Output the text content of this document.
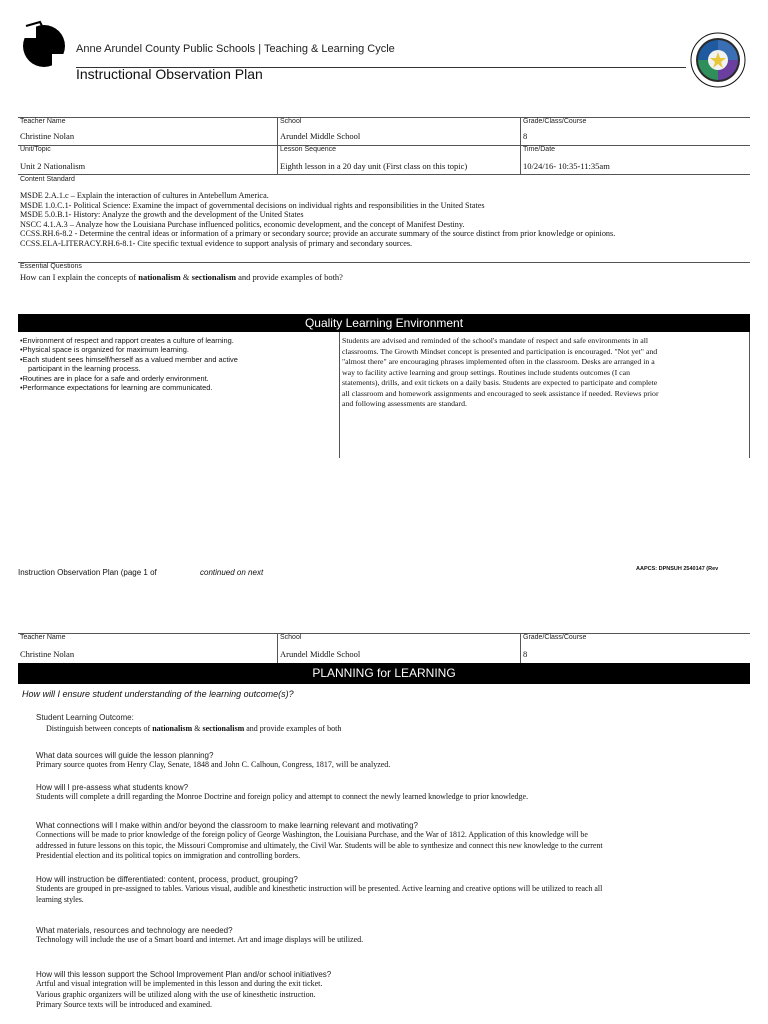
Anne Arundel County Public Schools | Teaching & Learning Cycle
Instructional Observation Plan
Teacher Name	School	Grade/Class/Course
Christine Nolan	Arundel Middle School	8
Unit/Topic	Lesson Sequence	Time/Date
Unit 2 Nationalism	Eighth lesson in a 20 day unit (First class on this topic)	10/24/16- 10:35-11:35am
Content Standard
MSDE 2.A.1.c – Explain the interaction of cultures in Antebellum America.
MSDE 1.0.C.1- Political Science: Examine the impact of governmental decisions on individual rights and responsibilities in the United States
MSDE 5.0.B.1- History: Analyze the growth and the development of the United States
NSCC 4.1.A.3 – Analyze how the Louisiana Purchase influenced politics, economic development, and the concept of Manifest Destiny.
CCSS.RH.6-8.2 - Determine the central ideas or information of a primary or secondary source; provide an accurate summary of the source distinct from prior knowledge or opinions.
CCSS.ELA-LITERACY.RH.6-8.1- Cite specific textual evidence to support analysis of primary and secondary sources.
Essential Questions
How can I explain the concepts of nationalism & sectionalism and provide examples of both?
Quality Learning Environment
•Environment of respect and rapport creates a culture of learning.
•Physical space is organized for maximum learning.
•Each student sees himself/herself as a valued member and active
participant in the learning process.
•Routines are in place for a safe and orderly environment.
•Performance expectations for learning are communicated.
Students are advised and reminded of the school's mandate of respect and safe environments in all
classrooms. The Growth Mindset concept is presented and participation is encouraged. "Not yet" and
"almost there" are encouraging phrases implemented often in the classroom. Desks are arranged in a
way to facility active learning and group settings. Routines include students outcomes (I can
statements), drills, and exit tickets on a daily basis. Students are expected to participate and complete
all classroom and homework assignments and encouraged to seek assistance if needed. Reviews prior
and following assessments are standard.
Instruction Observation Plan (page 1 of	continued on next	AAPCS: DPNSUH 2540147 (Rev
Teacher Name	School	Grade/Class/Course
Christine Nolan	Arundel Middle School	8
PLANNING for LEARNING
How will I ensure student understanding of the learning outcome(s)?
Student Learning Outcome:
Distinguish between concepts of nationalism & sectionalism and provide examples of both
What data sources will guide the lesson planning?
Primary source quotes from Henry Clay, Senate, 1848 and John C. Calhoun, Congress, 1817, will be analyzed.
How will I pre-assess what students know?
Students will complete a drill regarding the Monroe Doctrine and foreign policy and attempt to connect the newly learned knowledge to prior knowledge.
What connections will I make within and/or beyond the classroom to make learning relevant and motivating?
Connections will be made to prior knowledge of the foreign policy of George Washington, the Louisiana Purchase, and the War of 1812. Application of this knowledge will be
addressed in future lessons on this topic, the Missouri Compromise and ultimately, the Civil War. Students will be able to synthesize and connect this new knowledge to the current
Presidential election and its political topics on immigration and controlling borders.
How will instruction be differentiated: content, process, product, grouping?
Students are grouped in pre-assigned to tables. Various visual, audible and kinesthetic instruction will be presented. Active learning and creative options will be utilized to reach all
learning styles.
What materials, resources and technology are needed?
Technology will include the use of a Smart board and internet. Art and image displays will be utilized.
How will this lesson support the School Improvement Plan and/or school initiatives?
Artful and visual integration will be implemented in this lesson and during the exit ticket.
Various graphic organizers will be utilized along with the use of kinesthetic instruction.
Primary Source texts will be introduced and examined.
